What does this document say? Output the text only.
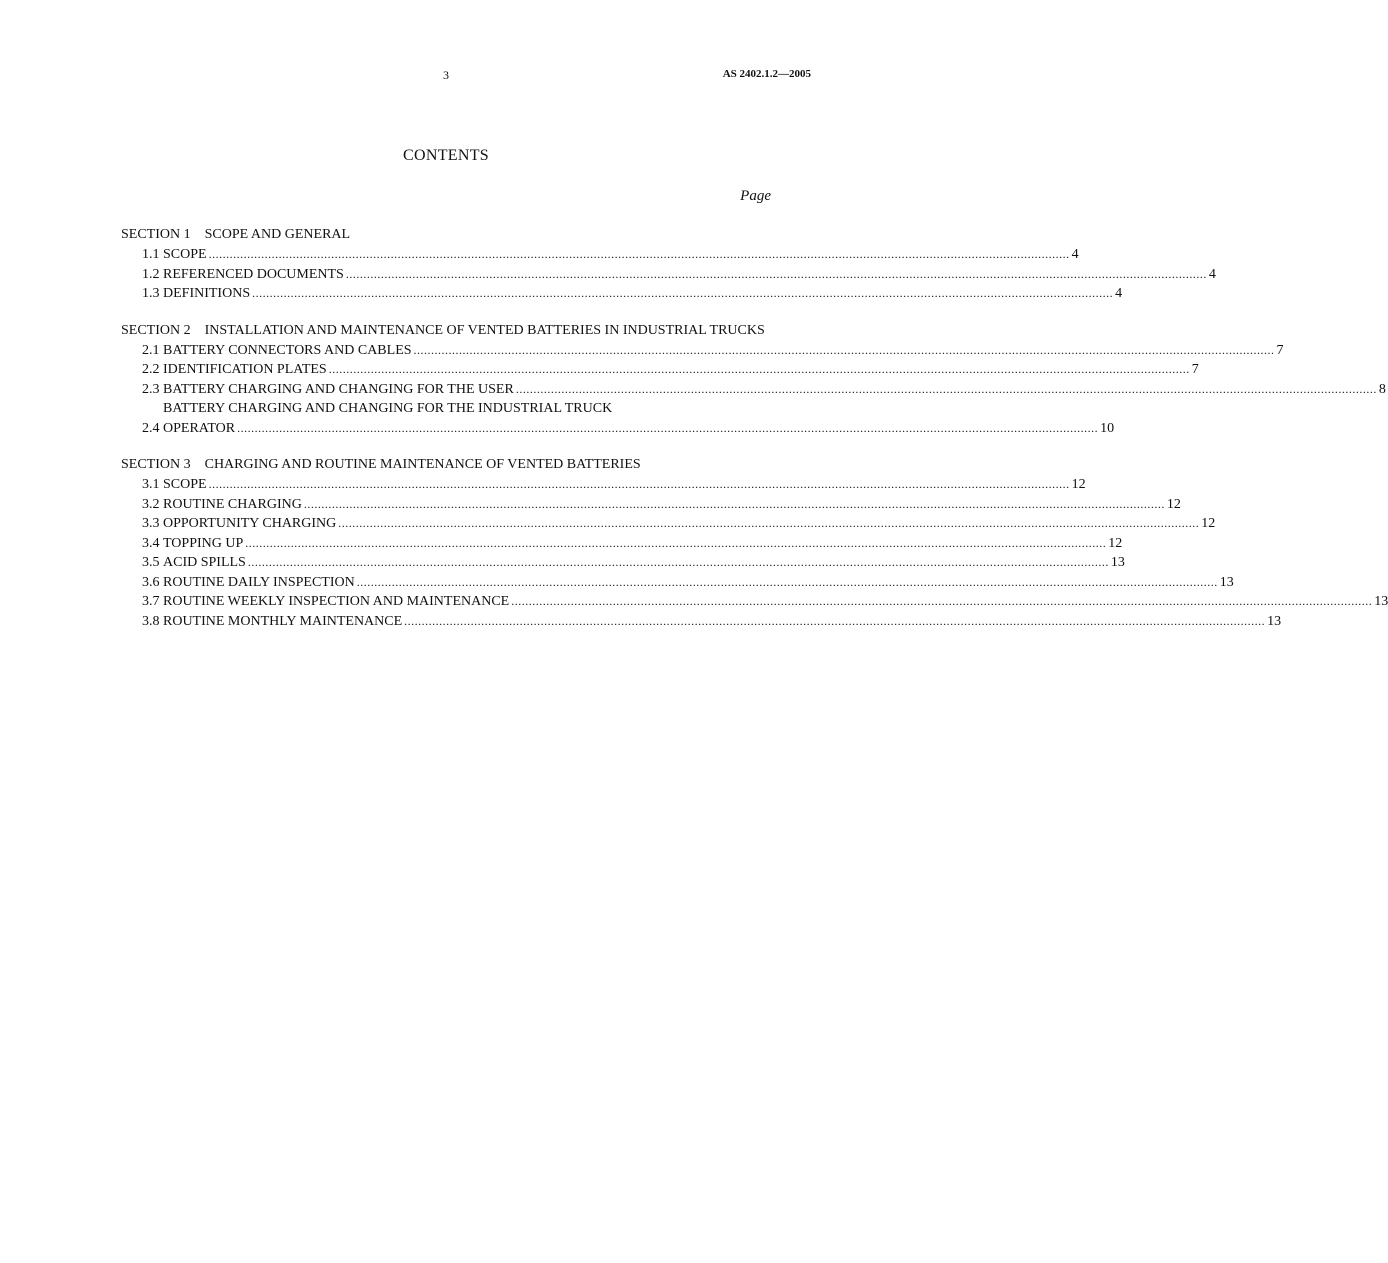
3	AS 2402.1.2—2005
CONTENTS
Page
SECTION 1 SCOPE AND GENERAL
1.1 SCOPE .....	4
1.2 REFERENCED DOCUMENTS .....	4
1.3 DEFINITIONS .....	4
SECTION 2 INSTALLATION AND MAINTENANCE OF VENTED BATTERIES IN INDUSTRIAL TRUCKS
2.1 BATTERY CONNECTORS AND CABLES .....	7
2.2 IDENTIFICATION PLATES .....	7
2.3 BATTERY CHARGING AND CHANGING FOR THE USER .....	8
2.4
BATTERY CHARGING AND CHANGING FOR THE INDUSTRIAL TRUCK
OPERATOR .....	10
SECTION 3 CHARGING AND ROUTINE MAINTENANCE OF VENTED BATTERIES
3.1 SCOPE .....	12
3.2 ROUTINE CHARGING .....	12
3.3 OPPORTUNITY CHARGING .....	12
3.4 TOPPING UP .....	12
3.5 ACID SPILLS .....	13
3.6 ROUTINE DAILY INSPECTION .....	13
3.7 ROUTINE WEEKLY INSPECTION AND MAINTENANCE .....	13
3.8 ROUTINE MONTHLY MAINTENANCE .....	13
